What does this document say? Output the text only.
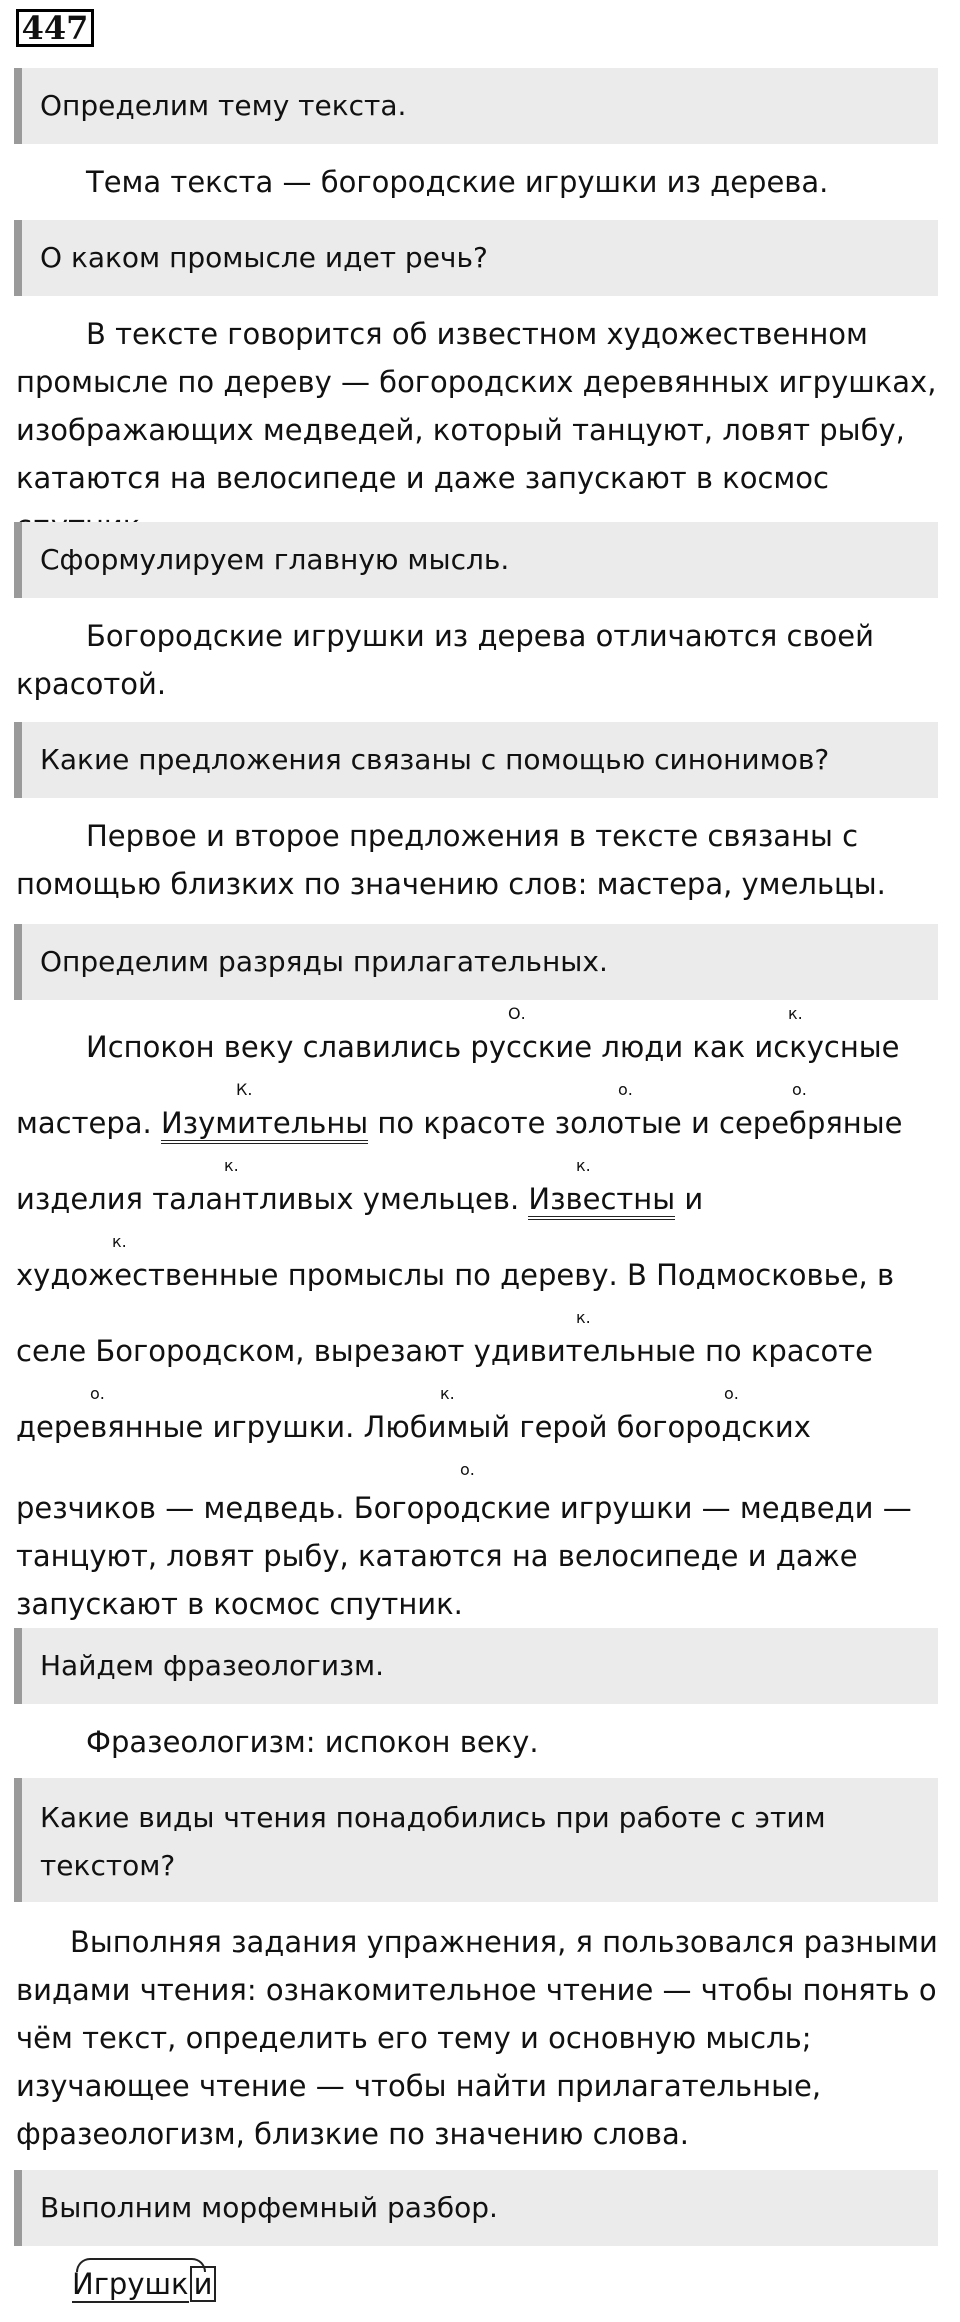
447
Определим тему текста.

Тема текста — богородские игрушки из дерева.

О каком промысле идет речь?
В тексте говорится об известном художественном
промысле по дереву — богородских деревянных игрушках,
изображающих медведей, который танцуют, ловят рыбу,
катаются на велосипеде и даже запускают в космос
Сформулируем главную мысль.
Богородские игрушки из дерева отличаются своей
красотой.
Какие предложения связаны с помощью синонимов?
Первое и второе предложения в тексте связаны с
помощью близких по значению слов: мастера, умельцы.
Определим разряды прилагательных.
О.	к.
Испокон веку славились русские люди как искусные
К.	о.	о.
мастера. Изумительны по красоте золотые и серебряные
к.	к.
изделия талантливых умельцев. Известны и
к.
художественные промыслы по дереву. В Подмосковье, в
к.
селе Богородском, вырезают удивительные по красоте
о.	к.	о.
деревянные игрушки. Любимый герой богородских
о.
резчиков — медведь. Богородские игрушки — медведи —
танцуют, ловят рыбу, катаются на велосипеде и даже
запускают в космос спутник.
Найдем фразеологизм.

Фразеологизм: испокон веку.

Какие виды чтения понадобились при работе с этим
текстом?
Выполняя задания упражнения, я пользовался разными
видами чтения: ознакомительное чтение — чтобы понять о
чём текст, определить его тему и основную мысль;
изучающее чтение — чтобы найти прилагательные,
фразеологизм, близкие по значению слова.
Выполним морфемный разбор.
Игрушк и
